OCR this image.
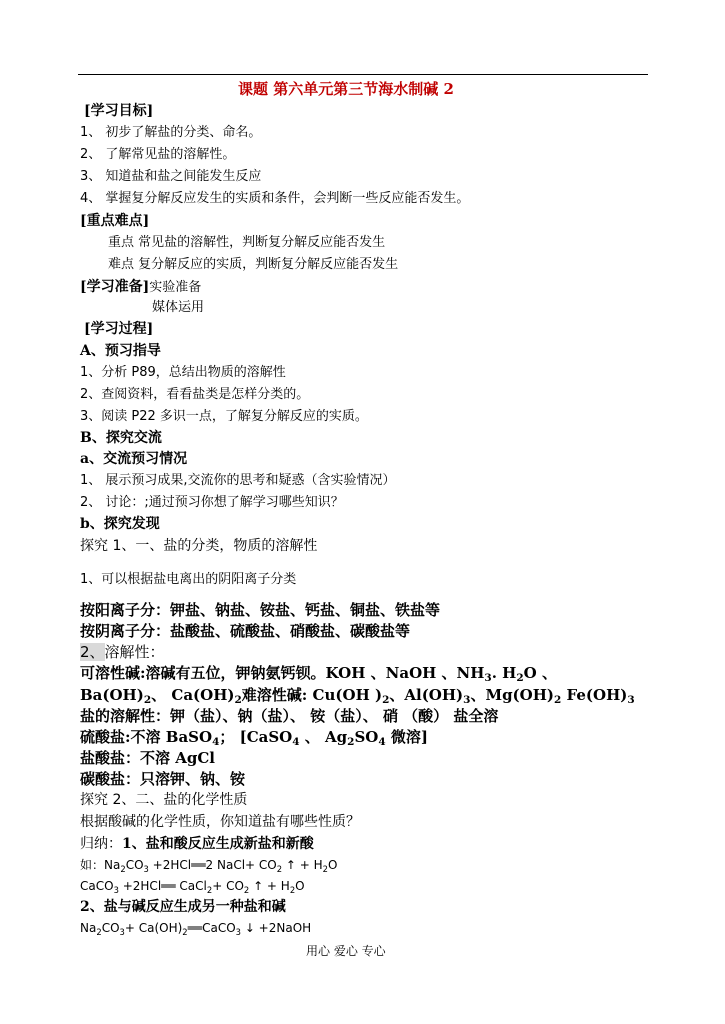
课题 第六单元第三节海水制碱 2
[学习目标]
1、 初步了解盐的分类、命名。
2、 了解常见盐的溶解性。
3、 知道盐和盐之间能发生反应
4、 掌握复分解反应发生的实质和条件，会判断一些反应能否发生。
[重点难点]
重点 常见盐的溶解性，判断复分解反应能否发生
难点 复分解反应的实质，判断复分解反应能否发生
[学习准备]实验准备
媒体运用
[学习过程]
A、预习指导
1、分析 P89，总结出物质的溶解性
2、查阅资料，看看盐类是怎样分类的。
3、阅读 P22 多识一点，了解复分解反应的实质。
B、探究交流
a、交流预习情况
1、 展示预习成果,交流你的思考和疑惑（含实验情况）
2、 讨论：;通过预习你想了解学习哪些知识？
b、探究发现
探究 1、一、盐的分类，物质的溶解性
1、可以根据盐电离出的阴阳离子分类
按阳离子分：钾盐、钠盐、铵盐、钙盐、铜盐、铁盐等
按阴离子分：盐酸盐、硫酸盐、硝酸盐、碳酸盐等
2、溶解性：
可溶性碱:溶碱有五位，钾钠氨钙钡。KOH 、NaOH 、$NH_3$. $H_2O$ 、
$Ba(OH)_2$、 $Ca(OH)_2$难溶性碱: Cu(OH )$_2$、$Al(OH)_3$、$Mg(OH)_2$ $Fe(OH)_3$
盐的溶解性：钾（盐）、钠（盐）、 铵（盐）、 硝 （酸） 盐全溶
硫酸盐:不溶 BaSO$_4$； [CaSO$_4$ 、 $Ag_2SO_4$ 微溶]
盐酸盐：不溶 AgCl
碳酸盐：只溶钾、钠、铵
探究 2、二、盐的化学性质
根据酸碱的化学性质，你知道盐有哪些性质？
归纳：1、盐和酸反应生成新盐和新酸
如：$Na_2CO_3$ +2HCl══2 NaCl+ $CO_2$ ↑ + $H_2O$
CaCO$_3$ +2HCl══ CaCl$_2$+ $CO_2$ ↑ + $H_2O$
2、盐与碱反应生成另一种盐和碱
$Na_2CO_3+$ $Ca(OH)_2══CaCO_3$ ↓ +2NaOH
用心 爱心 专心
